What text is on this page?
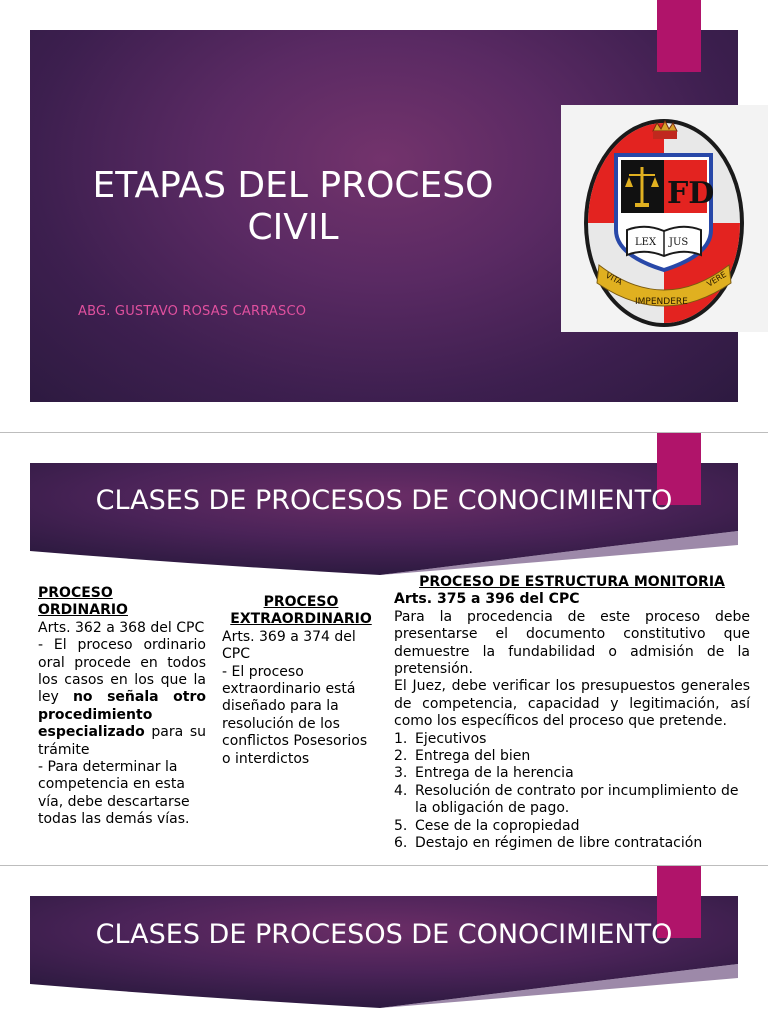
ETAPAS DEL PROCESO CIVIL
ABG. GUSTAVO ROSAS CARRASCO
FD
LEX JUS
IMPENDERE
VITA	VERE
CLASES DE PROCESOS DE CONOCIMIENTO

PROCESO ORDINARIO

Arts. 362 a 368 del CPC

- El proceso ordinario oral procede en todos los casos en los que la ley no señala otro procedimiento especializado para su trámite

- Para determinar la competencia en esta vía, debe descartarse todas las demás vías.

PROCESO EXTRAORDINARIO

Arts. 369 a 374 del CPC

- El proceso extraordinario está diseñado para la resolución de los conflictos Posesorios o interdictos

PROCESO DE ESTRUCTURA MONITORIA

Arts. 375 a 396 del CPC

Para la procedencia de este proceso debe presentarse el documento constitutivo que demuestre la fundabilidad o admisión de la pretensión.

El Juez, debe verificar los presupuestos generales de competencia, capacidad y legitimación, así como los específicos del proceso que pretende.

1. Ejecutivos
2. Entrega del bien
3. Entrega de la herencia
4. Resolución de contrato por incumplimiento de la obligación de pago.
5. Cese de la copropiedad
6. Destajo en régimen de libre contratación
CLASES DE PROCESOS DE CONOCIMIENTO
